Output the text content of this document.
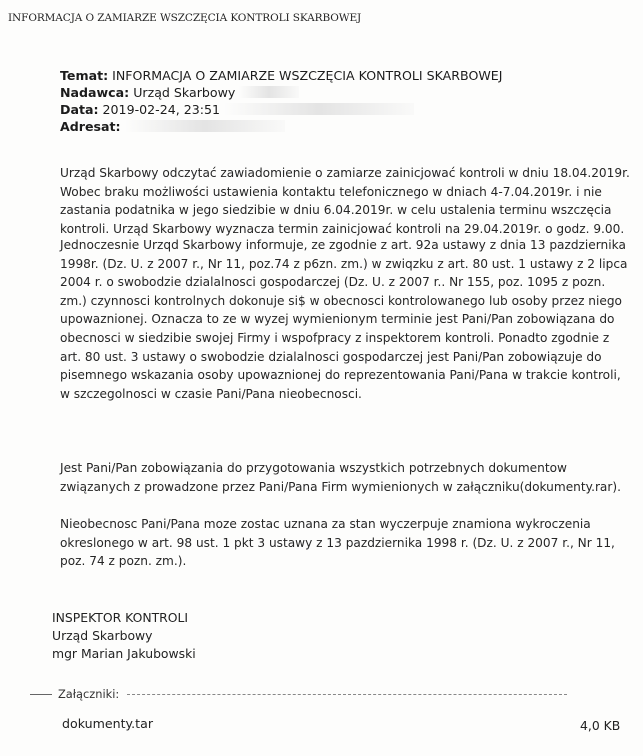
INFORMACJA O ZAMIARZE WSZCZĘCIA KONTROLI SKARBOWEJ
Temat: INFORMACJA O ZAMIARZE WSZCZĘCIA KONTROLI SKARBOWEJ
Nadawca: Urząd Skarbowy
Data: 2019-02-24, 23:51
Adresat:
Urząd Skarbowy odczytać zawiadomienie o zamiarze zainicjować kontroli w dniu 18.04.2019r. Wobec braku możliwości ustawienia kontaktu telefonicznego w dniach 4-7.04.2019r. i nie zastania podatnika w jego siedzibie w dniu 6.04.2019r. w celu ustalenia terminu wszczęcia kontroli. Urząd Skarbowy wyznacza termin zainicjować kontroli na 29.04.2019r. o godz. 9.00.
Jednoczesnie Urzqd Skarbowy informuje, ze zgodnie z art. 92a ustawy z dnia 13 pazdziernika 1998r. (Dz. U. z 2007 r., Nr 11, poz.74 z p6zn. zm.) w zwiqzku z art. 80 ust. 1 ustawy z 2 lipca 2004 r. o swobodzie dzialalnosci gospodarczej (Dz. U. z 2007 r.. Nr 155, poz. 1095 z pozn. zm.) czynnosci kontrolnych dokonuje si$ w obecnosci kontrolowanego lub osoby przez niego upowaznionej. Oznacza to ze w wyzej wymienionym terminie jest Pani/Pan zobowiązana do obecnosci w siedzibie swojej Firmy i wspofpracy z inspektorem kontroli. Ponadto zgodnie z art. 80 ust. 3 ustawy o swobodzie dzialalnosci gospodarczej jest Pani/Pan zobowiązuje do pisemnego wskazania osoby upowaznionej do reprezentowania Pani/Pana w trakcie kontroli, w szczegolnosci w czasie Pani/Pana nieobecnosci.
Jest Pani/Pan zobowiązania do przygotowania wszystkich potrzebnych dokumentow związanych z prowadzone przez Pani/Pana Firm wymienionych w załączniku(dokumenty.rar).
Nieobecnosc Pani/Pana moze zostac uznana za stan wyczerpuje znamiona wykroczenia okreslonego w art. 98 ust. 1 pkt 3 ustawy z 13 pazdziernika 1998 r. (Dz. U. z 2007 r., Nr 11, poz. 74 z pozn. zm.).
INSPEKTOR KONTROLI
Urząd Skarbowy
mgr Marian Jakubowski
Załączniki:
dokumenty.tar	4,0 KB
